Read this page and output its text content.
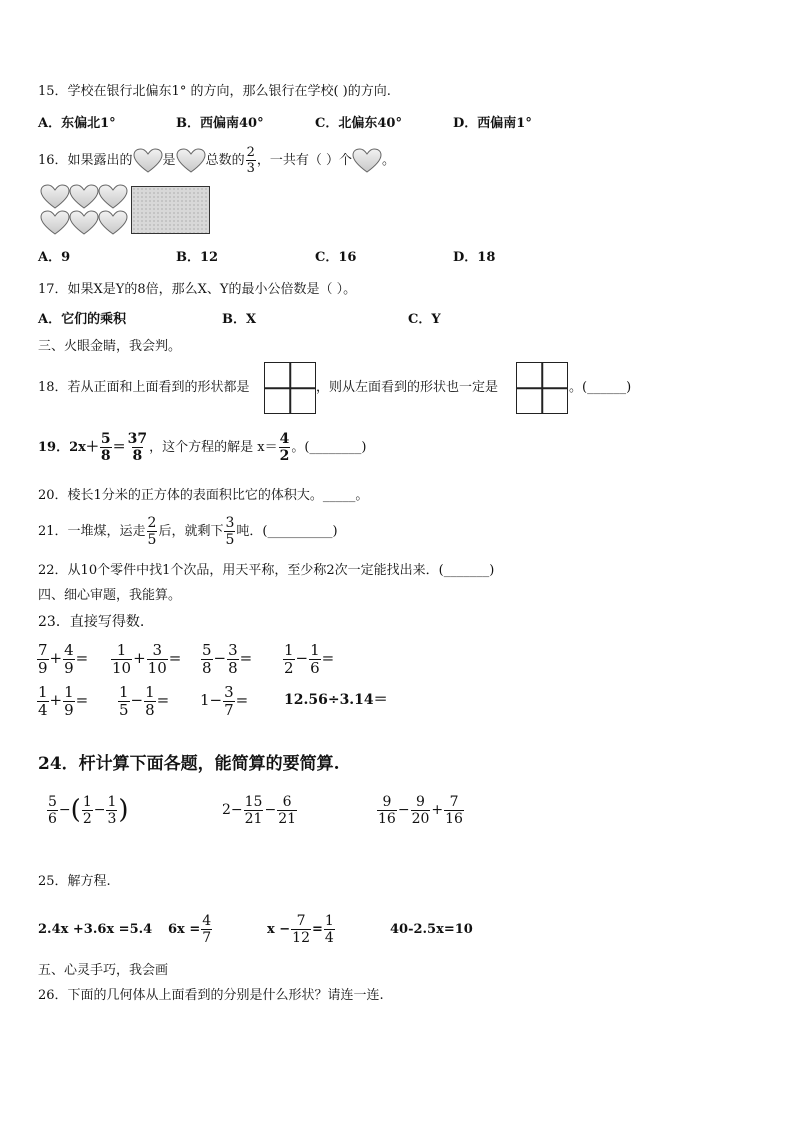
15．学校在银行北偏东1° 的方向，那么银行在学校( )的方向.
A．东偏北1°	B．西偏南40°	C．北偏东40°	D．西偏南1°
16．如果露出的 是 总数的 $\frac{2}{3}$ ，一共有（ ）个 。
A．9	B．12	C．16	D．18
17．如果X是Y的8倍，那么X、Y的最小公倍数是（ ）。
A．它们的乘积	B．X	C．Y
三、火眼金睛，我会判。
18．若从正面和上面看到的形状都是	，则从左面看到的形状也一定是	。(______)
19．$2x+ \frac{5}{8} = \frac{37}{8}$ ，这个方程的解是 $x= \frac{4}{2}$ 。(________)
20．棱长1分米的正方体的表面积比它的体积大。_____。
21．一堆煤，运走 $\frac{2}{5}$ 后，就剩下 $\frac{3}{5}$ 吨．(__________)
22．从10个零件中找1个次品，用天平称，至少称2次一定能找出来．(_______)
四、细心审题，我能算。
23．直接写得数.
$\frac{7}{9} + \frac{4}{9} = \frac{1}{10} + \frac{3}{10} = \frac{5}{8} - \frac{3}{8} = \frac{1}{2} - \frac{1}{6}$ =
$\frac{1}{4} + \frac{1}{9} = \frac{1}{5} - \frac{1}{8} = 1- \frac{3}{7}$ =	12.56÷3.14＝
24．杆计算下面各题，能简算的要简算.
$\frac{5}{6}$ −( $\frac{1}{2} - \frac{1}{3}$ )	$2- \frac{15}{21} - \frac{6}{21}$	$\frac{9}{16} - \frac{9}{20} + \frac{7}{16}$
25．解方程.
2.4x +3.6x =5.4 $6x = \frac{4}{7}$	$x - \frac{7}{12} = \frac{1}{4}$	40-2.5x=10
五、心灵手巧，我会画
26．下面的几何体从上面看到的分别是什么形状？请连一连.
